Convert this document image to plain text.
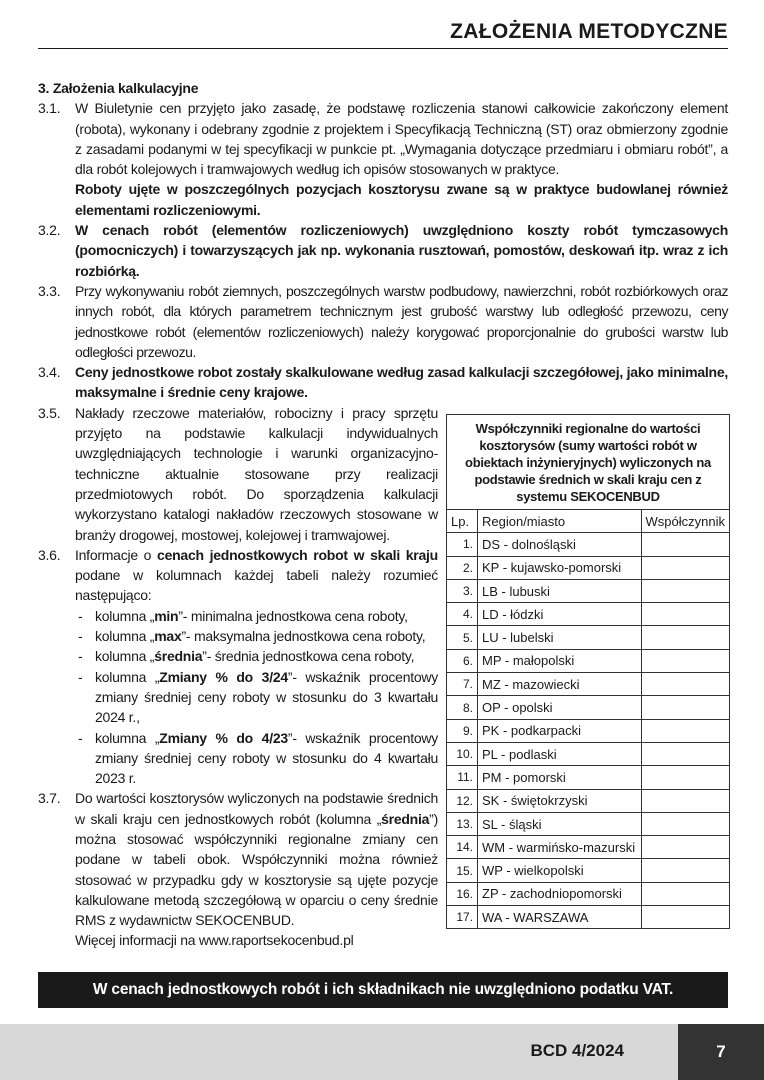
ZAŁOŻENIA METODYCZNE
3. Założenia kalkulacyjne
3.1.	W Biuletynie cen przyjęto jako zasadę, że podstawę rozliczenia stanowi całkowicie zakończony element (robota), wykonany i odebrany zgodnie z projektem i Specyfikacją Techniczną (ST) oraz obmierzony zgodnie z zasadami podanymi w tej specyfikacji w punkcie pt. „Wymagania dotyczące przedmiaru i obmiaru robót”, a dla robót kolejowych i tramwajowych według ich opisów stosowanych w praktyce.
Roboty ujęte w poszczególnych pozycjach kosztorysu zwane są w praktyce budowlanej również elementami rozliczeniowymi.
3.2.	W cenach robót (elementów rozliczeniowych) uwzględniono koszty robót tymczasowych (pomocniczych) i towarzyszących jak np. wykonania rusztowań, pomostów, deskowań itp. wraz z ich rozbiórką.
3.3.	Przy wykonywaniu robót ziemnych, poszczególnych warstw podbudowy, nawierzchni, robót rozbiórkowych oraz innych robót, dla których parametrem technicznym jest grubość warstwy lub odległość przewozu, ceny jednostkowe robót (elementów rozliczeniowych) należy korygować proporcjonalnie do grubości warstw lub odległości przewozu.
3.4.	Ceny jednostkowe robot zostały skalkulowane według zasad kalkulacji szczegółowej, jako minimalne, maksymalne i średnie ceny krajowe.
3.5.	Nakłady rzeczowe materiałów, robocizny i pracy sprzętu przyjęto na podstawie kalkulacji indywidualnych uwzględniających technologie i warunki organizacyjno-techniczne aktualnie stosowane przy realizacji przedmiotowych robót. Do sporządzenia kalkulacji wykorzystano katalogi nakładów rzeczowych stosowane w branży drogowej, mostowej, kolejowej i tramwajowej.
3.6.	Informacje o cenach jednostkowych robot w skali kraju podane w kolumnach każdej tabeli należy rozumieć następująco:
- kolumna „min”- minimalna jednostkowa cena roboty,
- kolumna „max”- maksymalna jednostkowa cena roboty,
- kolumna „średnia”- średnia jednostkowa cena roboty,
- kolumna „Zmiany % do 3/24”- wskaźnik procentowy zmiany średniej ceny roboty w stosunku do 3 kwartału 2024 r.,
- kolumna „Zmiany % do 4/23”- wskaźnik procentowy zmiany średniej ceny roboty w stosunku do 4 kwartału 2023 r.
3.7.	Do wartości kosztorysów wyliczonych na podstawie średnich w skali kraju cen jednostkowych robót (kolumna „średnia”) można stosować współczynniki regionalne zmiany cen podane w tabeli obok. Współczynniki można również stosować w przypadku gdy w kosztorysie są ujęte pozycje kalkulowane metodą szczegółową w oparciu o ceny średnie RMS z wydawnictw SEKOCENBUD.
Więcej informacji na www.raportsekocenbud.pl
Współczynniki regionalne do wartości kosztorysów (sumy wartości robót w obiektach inżynieryjnych) wyliczonych na podstawie średnich w skali kraju cen z systemu SEKOCENBUD
Lp.	Region/miasto	Współczynnik
1.	DS - dolnośląski	
2.	KP - kujawsko-pomorski	
3.	LB - lubuski	
4.	LD - łódzki	
5.	LU - lubelski	
6.	MP - małopolski	
7.	MZ - mazowiecki	
8.	OP - opolski	
9.	PK - podkarpacki	
10.	PL - podlaski	
11.	PM - pomorski	
12.	SK - świętokrzyski	
13.	SL - śląski	
14.	WM - warmińsko-mazurski	
15.	WP - wielkopolski	
16.	ZP - zachodniopomorski	
17.	WA - WARSZAWA	
W cenach jednostkowych robót i ich składnikach nie uwzględniono podatku VAT.
BCD 4/2024	7
